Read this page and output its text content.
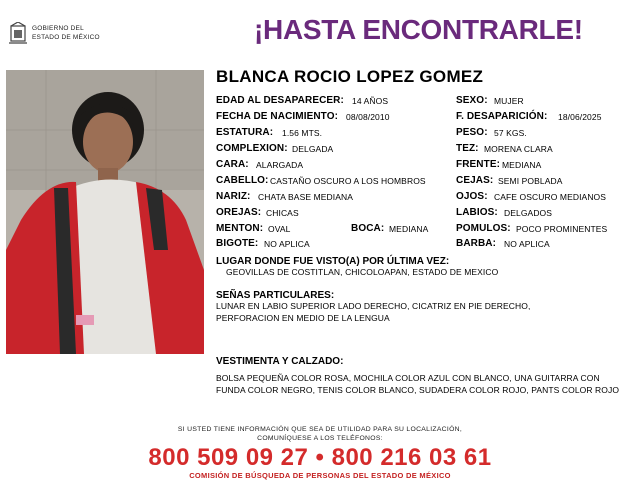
GOBIERNO DEL
ESTADO DE MÉXICO	¡HASTA ENCONTRARLE!
BLANCA ROCIO LOPEZ GOMEZ
EDAD AL DESAPARECER: 14 AÑOS
FECHA DE NACIMIENTO: 08/08/2010
ESTATURA: 1.56 MTS.
COMPLEXION: DELGADA
CARA: ALARGADA
CABELLO: CASTAÑO OSCURO A LOS HOMBROS
NARIZ: CHATA BASE MEDIANA
OREJAS: CHICAS
MENTON: OVAL	BOCA: MEDIANA
BIGOTE: NO APLICA
SEXO: MUJER
F. DESAPARICIÓN: 18/06/2025
PESO: 57 KGS.
TEZ: MORENA CLARA
FRENTE: MEDIANA
CEJAS: SEMI POBLADA
OJOS: CAFE OSCURO MEDIANOS
LABIOS: DELGADOS
POMULOS: POCO PROMINENTES
BARBA: NO APLICA
LUGAR DONDE FUE VISTO(A) POR ÚLTIMA VEZ:
GEOVILLAS DE COSTITLAN, CHICOLOAPAN, ESTADO DE MEXICO
SEÑAS PARTICULARES:
LUNAR EN LABIO SUPERIOR LADO DERECHO, CICATRIZ EN PIE DERECHO, PERFORACION EN MEDIO DE LA LENGUA
VESTIMENTA Y CALZADO:
BOLSA PEQUEÑA COLOR ROSA, MOCHILA COLOR AZUL CON BLANCO, UNA GUITARRA CON FUNDA COLOR NEGRO, TENIS COLOR BLANCO, SUDADERA COLOR ROJO, PANTS COLOR ROJO
SI USTED TIENE INFORMACIÓN QUE SEA DE UTILIDAD PARA SU LOCALIZACIÓN,
COMUNÍQUESE A LOS TELÉFONOS:
800 509 09 27 • 800 216 03 61
COMISIÓN DE BÚSQUEDA DE PERSONAS DEL ESTADO DE MÉXICO
